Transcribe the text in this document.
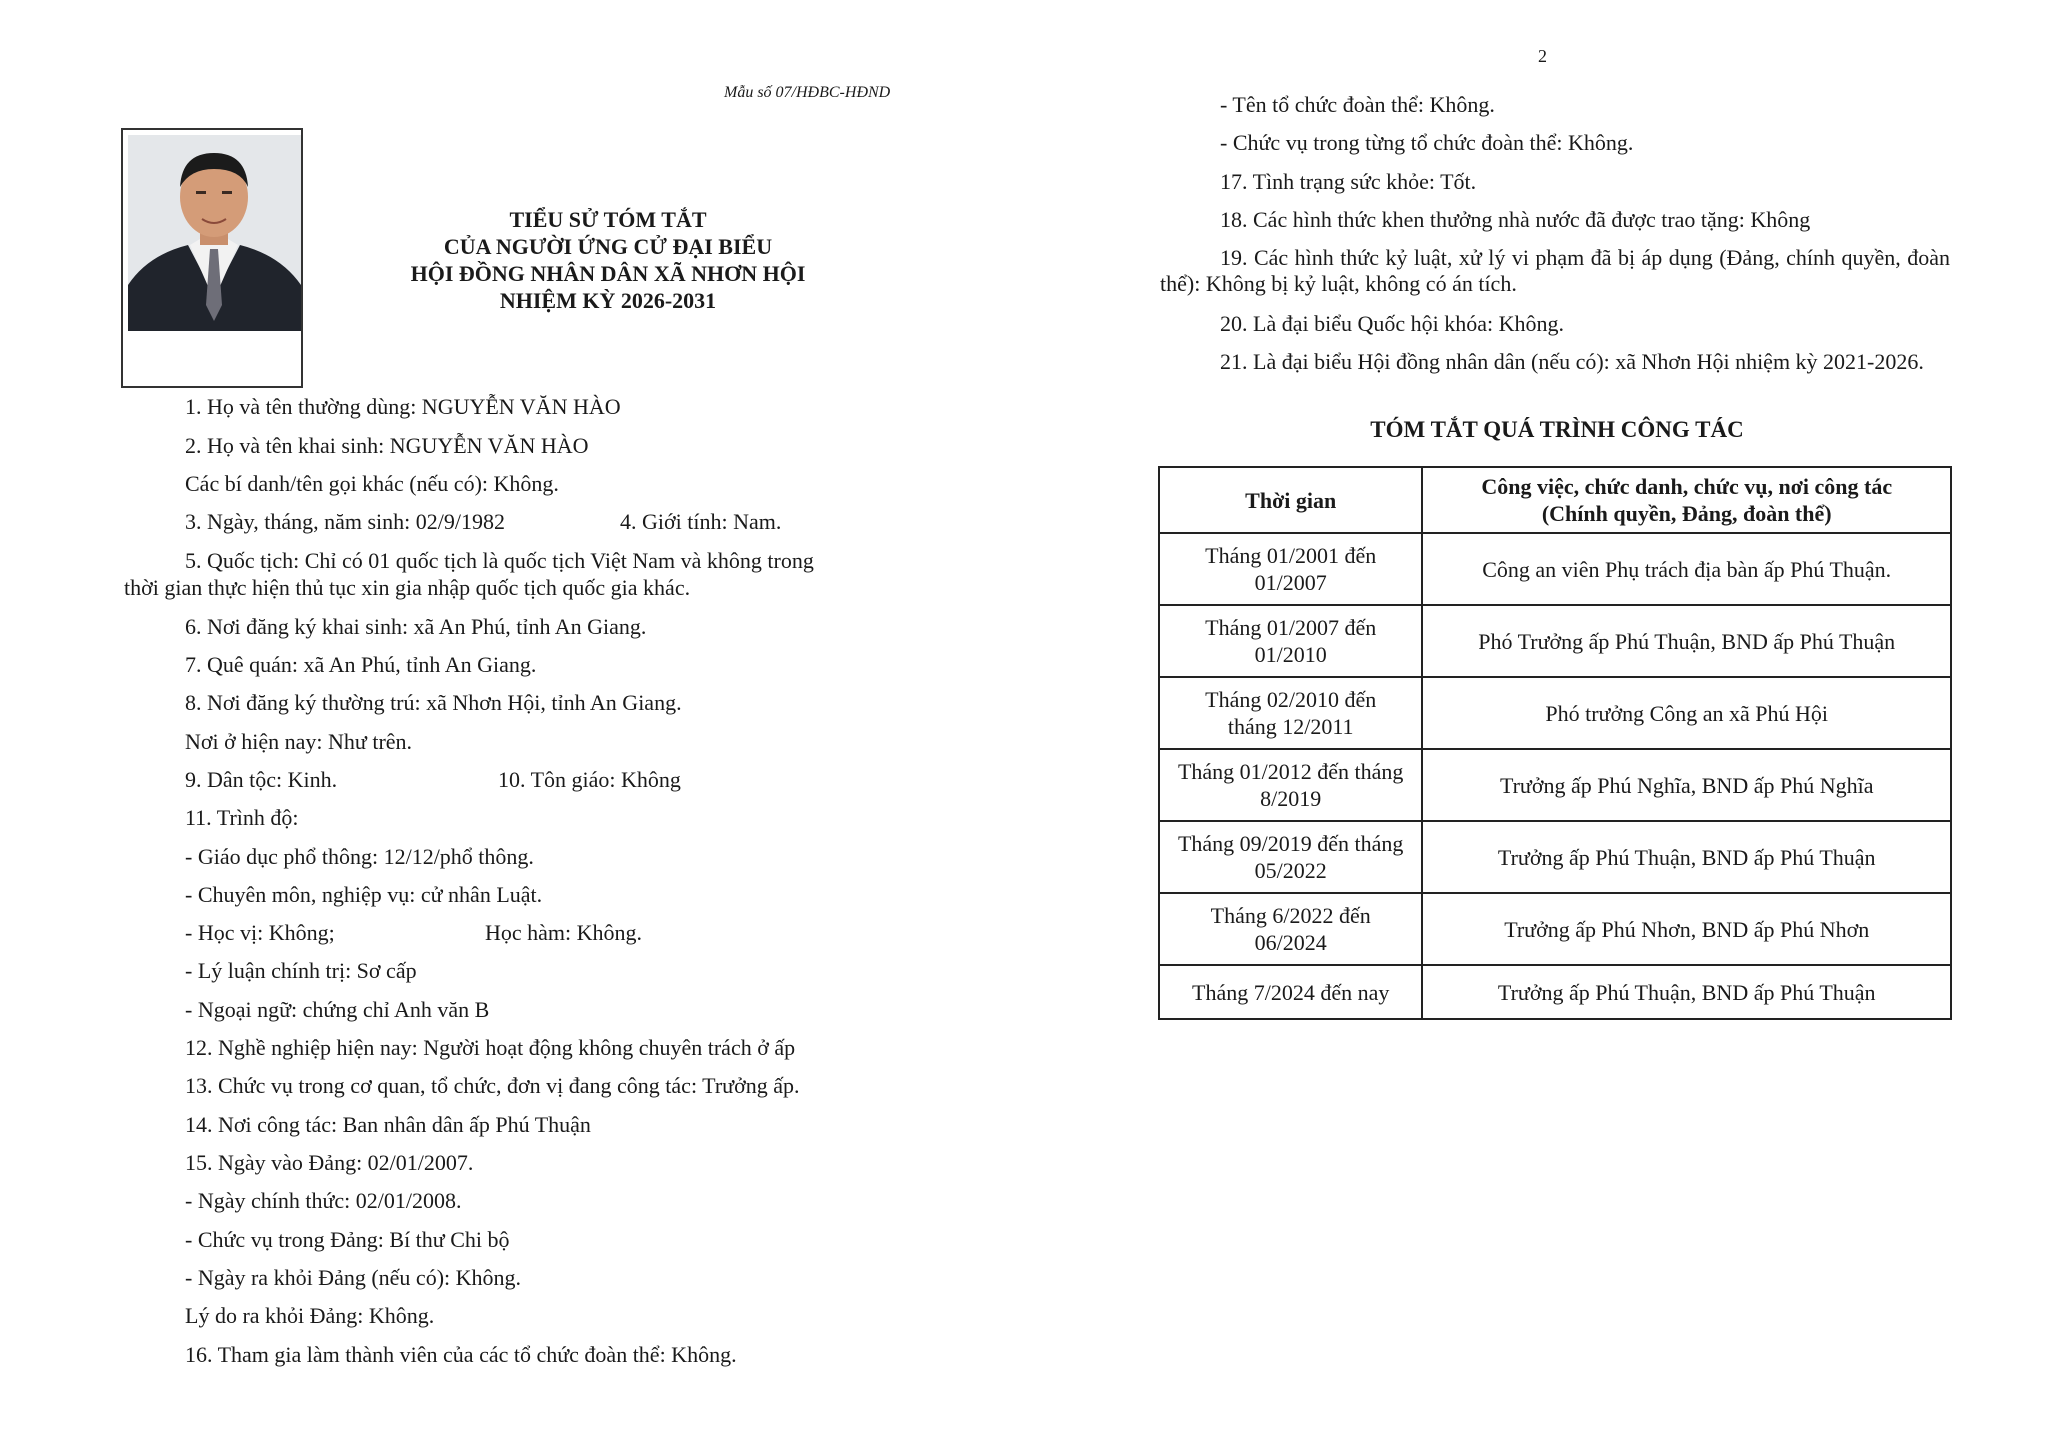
Mẫu số 07/HĐBC-HĐND
2
TIỂU SỬ TÓM TẮT
CỦA NGƯỜI ỨNG CỬ ĐẠI BIỂU
HỘI ĐỒNG NHÂN DÂN XÃ NHƠN HỘI
NHIỆM KỲ 2026-2031
1. Họ và tên thường dùng: NGUYỄN VĂN HÀO
2. Họ và tên khai sinh: NGUYỄN VĂN HÀO
Các bí danh/tên gọi khác (nếu có): Không.
3. Ngày, tháng, năm sinh: 02/9/1982	4. Giới tính: Nam.
5. Quốc tịch: Chỉ có 01 quốc tịch là quốc tịch Việt Nam và không trong
thời gian thực hiện thủ tục xin gia nhập quốc tịch quốc gia khác.
6. Nơi đăng ký khai sinh: xã An Phú, tỉnh An Giang.
7. Quê quán: xã An Phú, tỉnh An Giang.
8. Nơi đăng ký thường trú: xã Nhơn Hội, tỉnh An Giang.
Nơi ở hiện nay: Như trên.
9. Dân tộc: Kinh.	10. Tôn giáo: Không
11. Trình độ:
- Giáo dục phổ thông: 12/12/phổ thông.
- Chuyên môn, nghiệp vụ: cử nhân Luật.
- Học vị: Không;	Học hàm: Không.
- Lý luận chính trị: Sơ cấp
- Ngoại ngữ: chứng chỉ Anh văn B
12. Nghề nghiệp hiện nay: Người hoạt động không chuyên trách ở ấp
13. Chức vụ trong cơ quan, tổ chức, đơn vị đang công tác: Trưởng ấp.
14. Nơi công tác: Ban nhân dân ấp Phú Thuận
15. Ngày vào Đảng: 02/01/2007.
- Ngày chính thức: 02/01/2008.
- Chức vụ trong Đảng: Bí thư Chi bộ
- Ngày ra khỏi Đảng (nếu có): Không.
Lý do ra khỏi Đảng: Không.
16. Tham gia làm thành viên của các tổ chức đoàn thể: Không.
- Tên tổ chức đoàn thể: Không.
- Chức vụ trong từng tổ chức đoàn thể: Không.
17. Tình trạng sức khỏe: Tốt.
18. Các hình thức khen thưởng nhà nước đã được trao tặng: Không
19. Các hình thức kỷ luật, xử lý vi phạm đã bị áp dụng (Đảng, chính quyền, đoàn thể): Không bị kỷ luật, không có án tích.
20. Là đại biểu Quốc hội khóa: Không.
21. Là đại biểu Hội đồng nhân dân (nếu có): xã Nhơn Hội nhiệm kỳ 2021-2026.
TÓM TẮT QUÁ TRÌNH CÔNG TÁC
Thời gian	Công việc, chức danh, chức vụ, nơi công tác
(Chính quyền, Đảng, đoàn thể)

Tháng 01/2001 đến
01/2007	Công an viên Phụ trách địa bàn ấp Phú Thuận.

Tháng 01/2007 đến
01/2010	Phó Trưởng ấp Phú Thuận, BND ấp Phú Thuận

Tháng 02/2010 đến
tháng 12/2011	Phó trưởng Công an xã Phú Hội

Tháng 01/2012 đến tháng
8/2019	Trưởng ấp Phú Nghĩa, BND ấp Phú Nghĩa

Tháng 09/2019 đến tháng
05/2022	Trưởng ấp Phú Thuận, BND ấp Phú Thuận

Tháng 6/2022 đến
06/2024	Trưởng ấp Phú Nhơn, BND ấp Phú Nhơn

Tháng 7/2024 đến nay	Trưởng ấp Phú Thuận, BND ấp Phú Thuận
